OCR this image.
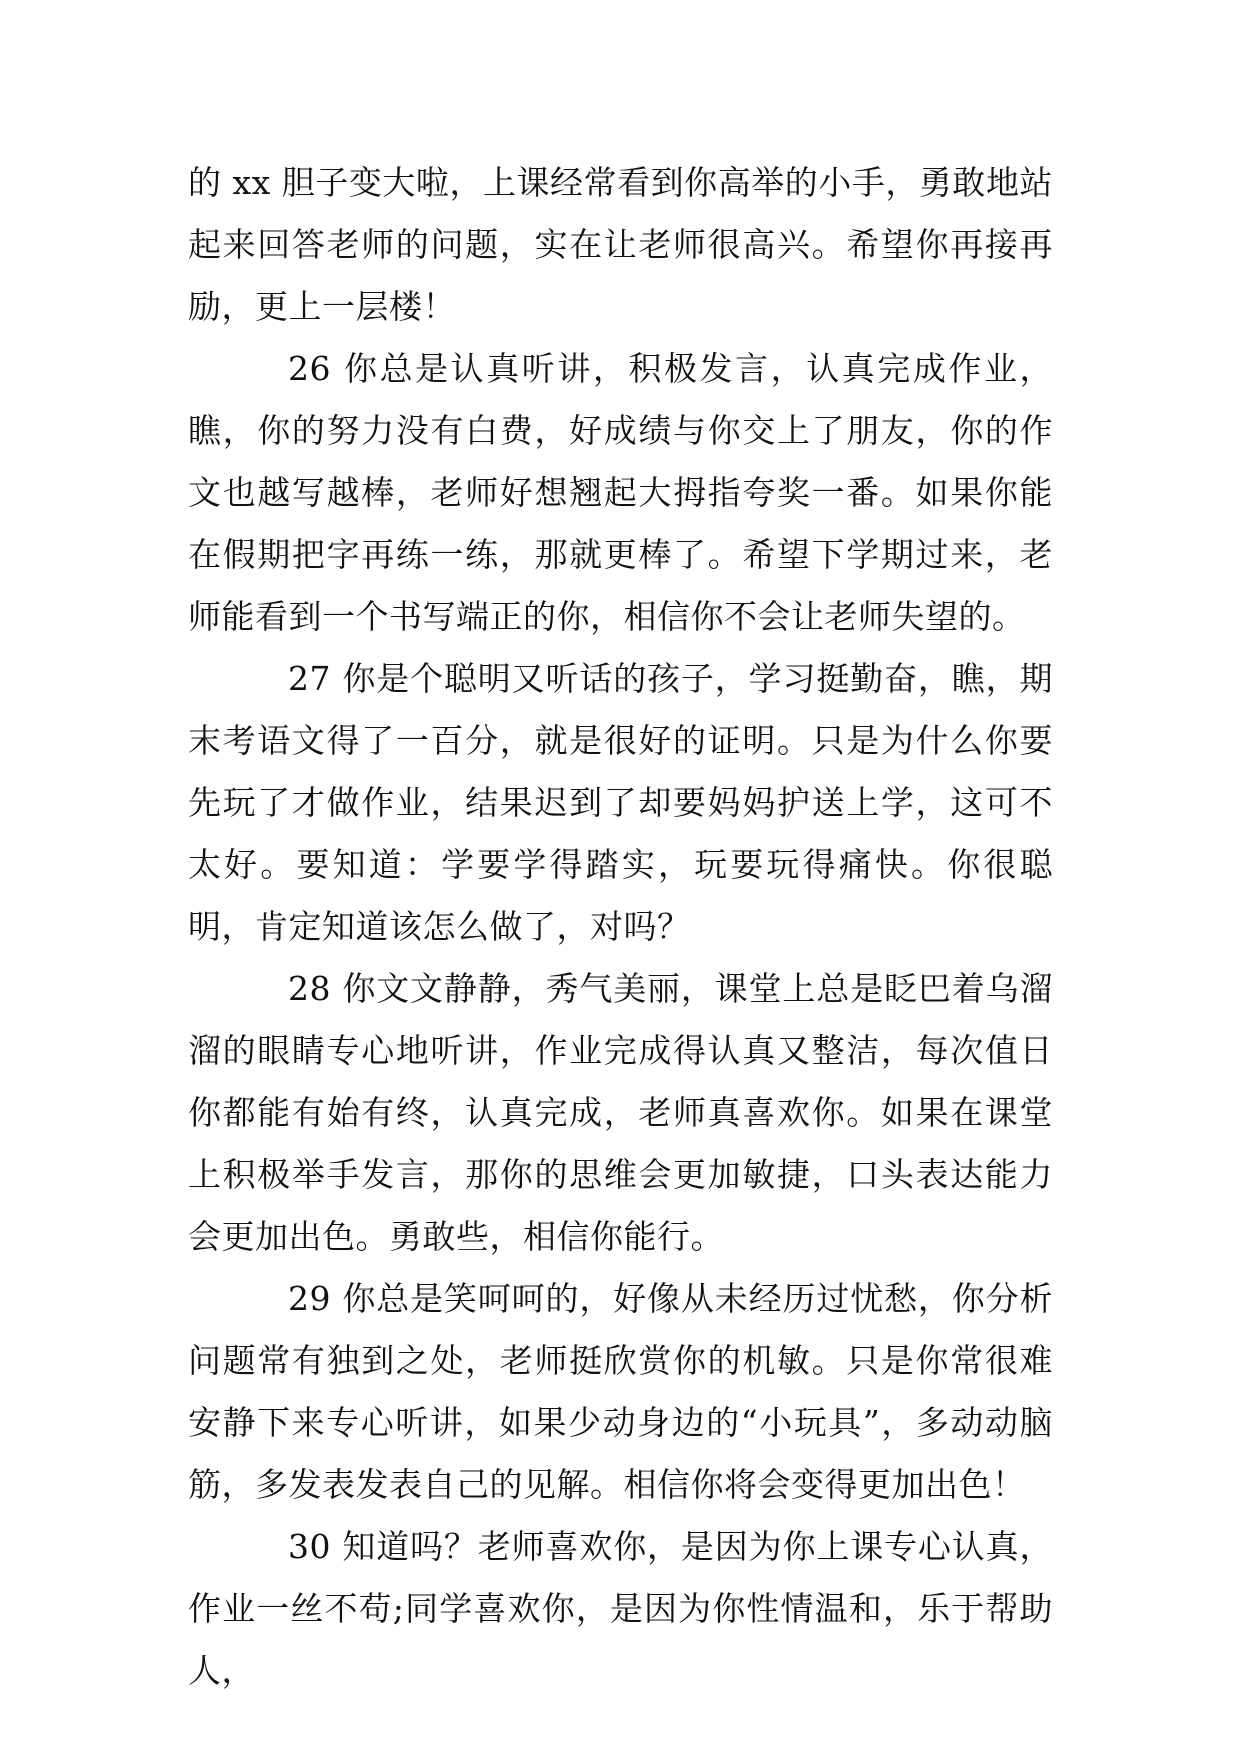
的 xx 胆子变大啦，上课经常看到你高举的小手，勇敢地站起来回答老师的问题，实在让老师很高兴。希望你再接再励，更上一层楼！

26 你总是认真听讲，积极发言，认真完成作业，瞧，你的努力没有白费，好成绩与你交上了朋友，你的作文也越写越棒，老师好想翘起大拇指夸奖一番。如果你能在假期把字再练一练，那就更棒了。希望下学期过来，老师能看到一个书写端正的你，相信你不会让老师失望的。

27 你是个聪明又听话的孩子，学习挺勤奋，瞧，期末考语文得了一百分，就是很好的证明。只是为什么你要先玩了才做作业，结果迟到了却要妈妈护送上学，这可不太好。要知道：学要学得踏实，玩要玩得痛快。你很聪明，肯定知道该怎么做了，对吗？

28 你文文静静，秀气美丽，课堂上总是眨巴着乌溜溜的眼睛专心地听讲，作业完成得认真又整洁，每次值日你都能有始有终，认真完成，老师真喜欢你。如果在课堂上积极举手发言，那你的思维会更加敏捷，口头表达能力会更加出色。勇敢些，相信你能行。

29 你总是笑呵呵的，好像从未经历过忧愁，你分析问题常有独到之处，老师挺欣赏你的机敏。只是你常很难安静下来专心听讲，如果少动身边的“小玩具”，多动动脑筋，多发表发表自己的见解。相信你将会变得更加出色！

30 知道吗？老师喜欢你，是因为你上课专心认真，作业一丝不苟;同学喜欢你，是因为你性情温和，乐于帮助人，
